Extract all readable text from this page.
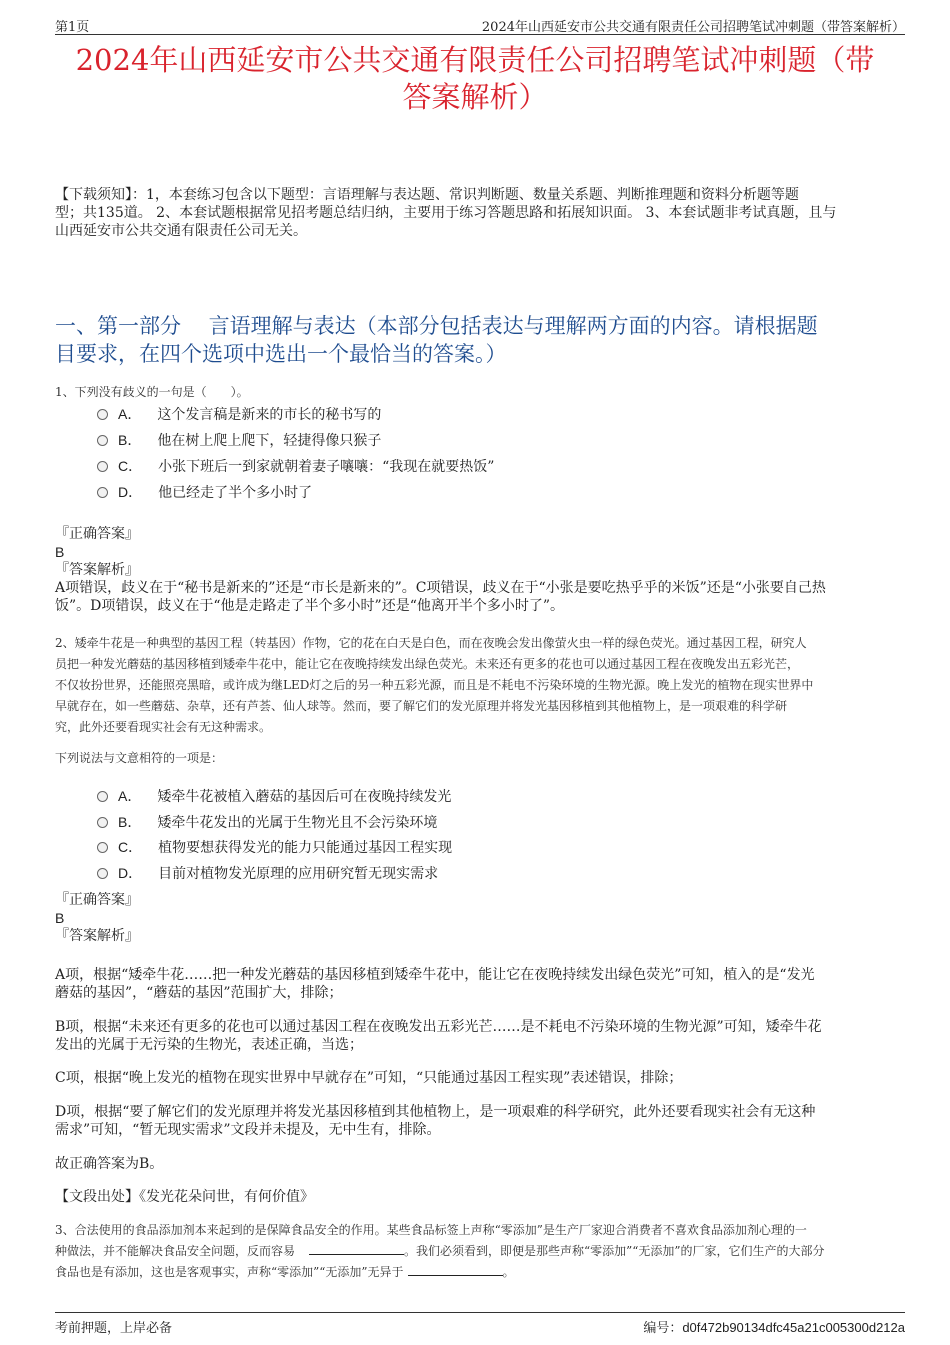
第1页	2024年山西延安市公共交通有限责任公司招聘笔试冲刺题（带答案解析）
2024年山西延安市公共交通有限责任公司招聘笔试冲刺题（带
答案解析）
【下载须知】：1，本套练习包含以下题型：言语理解与表达题、常识判断题、数量关系题、判断推理题和资料分析题等题
型；共135道。 2、本套试题根据常见招考题总结归纳，主要用于练习答题思路和拓展知识面。 3、本套试题非考试真题，且与
山西延安市公共交通有限责任公司无关。
一、第一部分 　言语理解与表达（本部分包括表达与理解两方面的内容。请根据题
目要求，在四个选项中选出一个最恰当的答案。）
1、下列没有歧义的一句是（　　）。
A． 这个发言稿是新来的市长的秘书写的
B． 他在树上爬上爬下，轻捷得像只猴子
C． 小张下班后一到家就朝着妻子嚷嚷：“我现在就要热饭”
D． 他已经走了半个多小时了
『正确答案』
B
『答案解析』
A项错误，歧义在于“秘书是新来的”还是“市长是新来的”。C项错误，歧义在于“小张是要吃热乎乎的米饭”还是“小张要自己热
饭”。D项错误，歧义在于“他是走路走了半个多小时”还是“他离开半个多小时了”。
2、矮牵牛花是一种典型的基因工程（转基因）作物，它的花在白天是白色，而在夜晚会发出像萤火虫一样的绿色荧光。通过基因工程，研究人
员把一种发光蘑菇的基因移植到矮牵牛花中，能让它在夜晚持续发出绿色荧光。未来还有更多的花也可以通过基因工程在夜晚发出五彩光芒，
不仅妆扮世界，还能照亮黑暗，或许成为继LED灯之后的另一种五彩光源，而且是不耗电不污染环境的生物光源。晚上发光的植物在现实世界中
早就存在，如一些蘑菇、杂草，还有芦荟、仙人球等。然而，要了解它们的发光原理并将发光基因移植到其他植物上，是一项艰难的科学研
究，此外还要看现实社会有无这种需求。
下列说法与文意相符的一项是：
A． 矮牵牛花被植入蘑菇的基因后可在夜晚持续发光
B． 矮牵牛花发出的光属于生物光且不会污染环境
C． 植物要想获得发光的能力只能通过基因工程实现
D． 目前对植物发光原理的应用研究暂无现实需求
『正确答案』
B
『答案解析』
A项，根据“矮牵牛花……把一种发光蘑菇的基因移植到矮牵牛花中，能让它在夜晚持续发出绿色荧光”可知，植入的是“发光
蘑菇的基因”，“蘑菇的基因”范围扩大，排除；
B项，根据“未来还有更多的花也可以通过基因工程在夜晚发出五彩光芒……是不耗电不污染环境的生物光源”可知，矮牵牛花
发出的光属于无污染的生物光，表述正确，当选；
C项，根据“晚上发光的植物在现实世界中早就存在”可知，“只能通过基因工程实现”表述错误，排除；
D项，根据“要了解它们的发光原理并将发光基因移植到其他植物上，是一项艰难的科学研究，此外还要看现实社会有无这种
需求”可知，“暂无现实需求”文段并未提及，无中生有，排除。
故正确答案为B。
【文段出处】《发光花朵问世，有何价值》
3、合法使用的食品添加剂本来起到的是保障食品安全的作用。某些食品标签上声称“零添加”是生产厂家迎合消费者不喜欢食品添加剂心理的一
种做法，并不能解决食品安全问题，反而容易	。我们必须看到，即便是那些声称“零添加”“无添加”的厂家，它们生产的大部分
食品也是有添加，这也是客观事实，声称“零添加”“无添加”无异于	。
考前押题，上岸必备	编号：d0f472b90134dfc45a21c005300d212a
